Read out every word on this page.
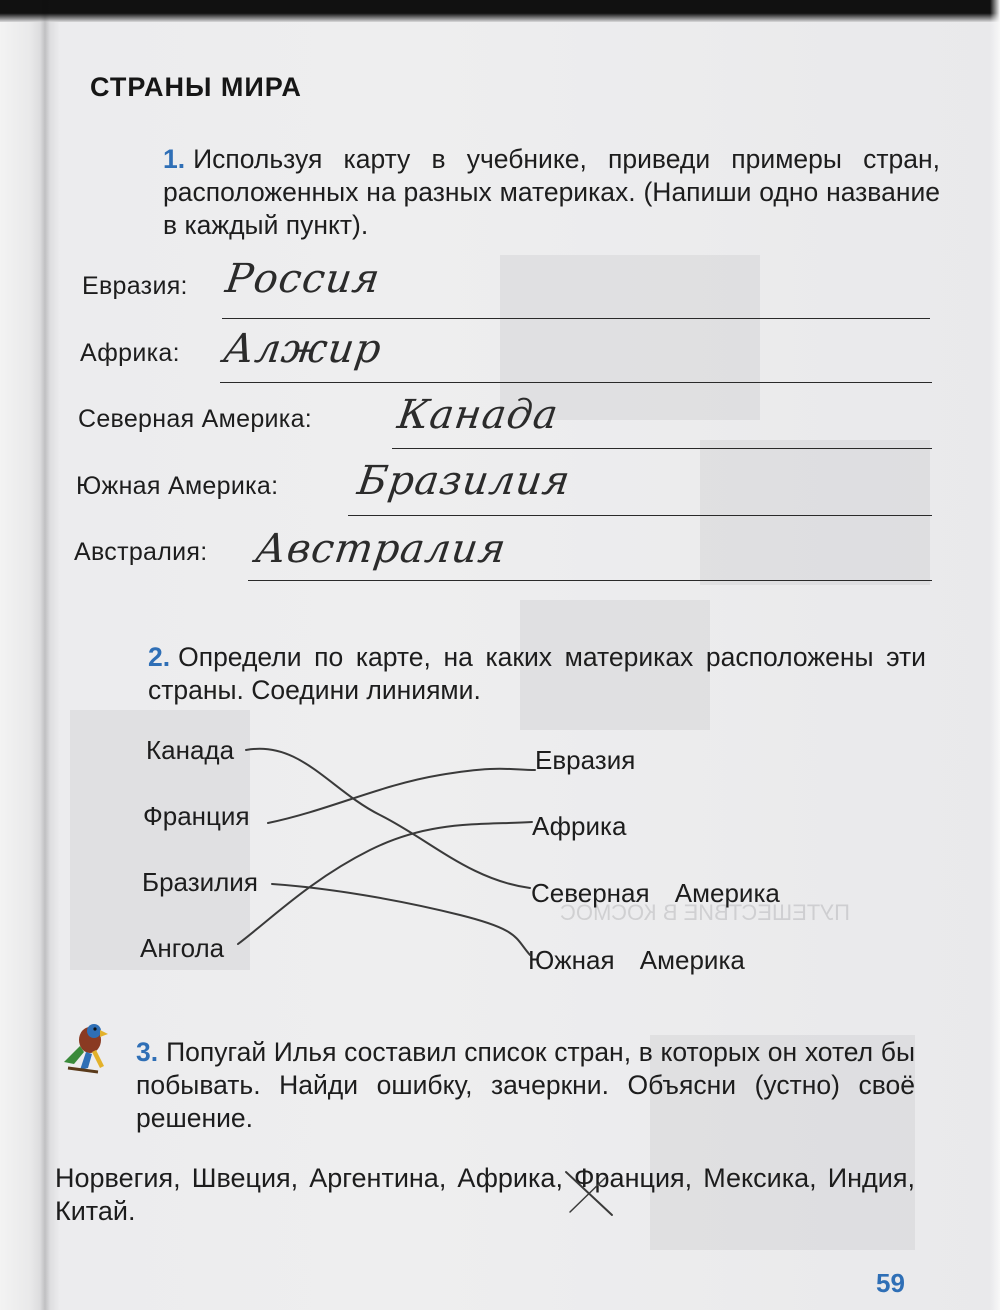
ПУТЕШЕСТВИЕ В КОСМОС
СТРАНЫ МИРА
1. Используя карту в учебнике, приведи примеры стран, расположенных на разных материках. (Напиши одно название в каждый пункт).
Евразия: Россия
Африка: Алжир
Северная Америка: Канада
Южная Америка: Бразилия
Австралия: Австралия
2. Определи по карте, на каких материках расположены эти страны. Соедини линиями.
Канада
Франция
Бразилия
Ангола
Евразия
Африка
Северная Америка
Южная Америка
3. Попугай Илья составил список стран, в которых он хотел бы побывать. Найди ошибку, зачеркни. Объясни (устно) своё решение.
Норвегия, Швеция, Аргентина, Африка, Франция, Мексика, Индия, Китай.
59
